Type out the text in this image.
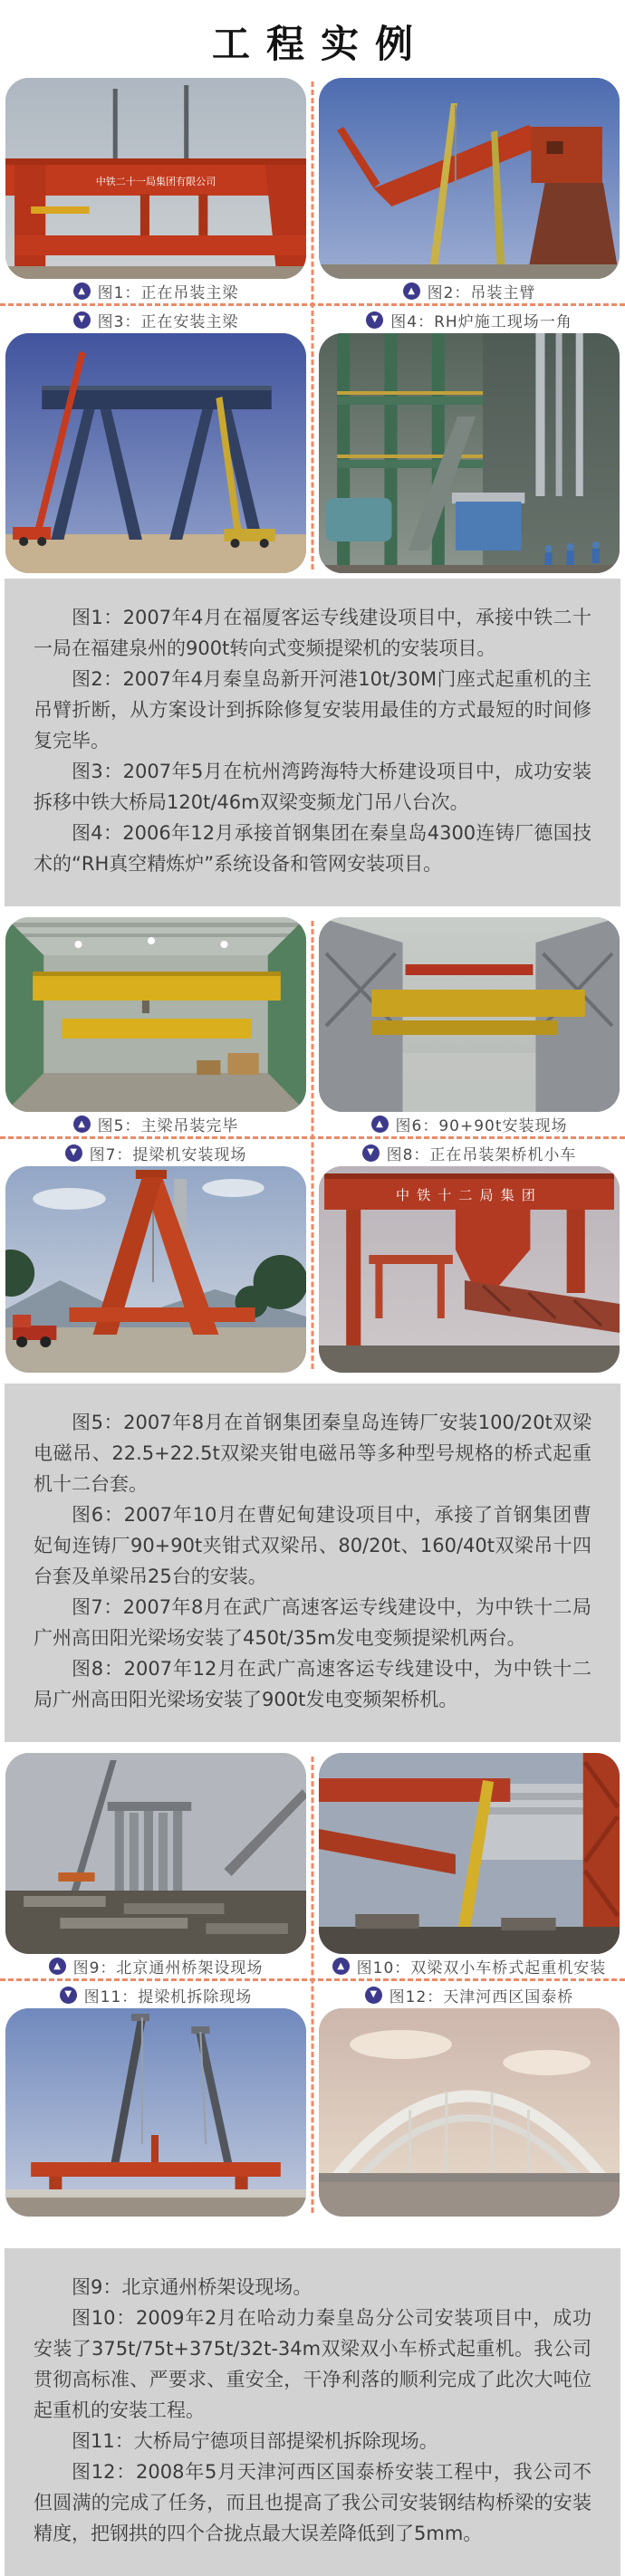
工程实例
中铁二十一局集团有限公司
▲ 图1：正在吊装主梁	▲ 图2：吊装主臂
▼ 图3：正在安装主梁	▼ 图4：RH炉施工现场一角

图1：2007年4月在福厦客运专线建设项目中，承接中铁二十一局在福建泉州的900t转向式变频提梁机的安装项目。

图2：2007年4月秦皇岛新开河港10t/30M门座式起重机的主吊臂折断，从方案设计到拆除修复安装用最佳的方式最短的时间修复完毕。

图3：2007年5月在杭州湾跨海特大桥建设项目中，成功安装拆移中铁大桥局120t/46m双梁变频龙门吊八台次。

图4：2006年12月承接首钢集团在秦皇岛4300连铸厂德国技术的“RH真空精炼炉”系统设备和管网安装项目。

▲ 图5：主梁吊装完毕	▲ 图6：90+90t安装现场
▼ 图7：提梁机安装现场	▼ 图8：正在吊装架桥机小车
中铁十二局集团

图5：2007年8月在首钢集团秦皇岛连铸厂安装100/20t双梁电磁吊、22.5+22.5t双梁夹钳电磁吊等多种型号规格的桥式起重机十二台套。

图6：2007年10月在曹妃甸建设项目中，承接了首钢集团曹妃甸连铸厂90+90t夹钳式双梁吊、80/20t、160/40t双梁吊十四台套及单梁吊25台的安装。

图7：2007年8月在武广高速客运专线建设中，为中铁十二局广州高田阳光梁场安装了450t/35m发电变频提梁机两台。

图8：2007年12月在武广高速客运专线建设中，为中铁十二局广州高田阳光梁场安装了900t发电变频架桥机。

▲ 图9：北京通州桥架设现场	▲ 图10：双梁双小车桥式起重机安装
▼ 图11：提梁机拆除现场	▼ 图12：天津河西区国泰桥

图9：北京通州桥架设现场。

图10：2009年2月在哈动力秦皇岛分公司安装项目中，成功安装了375t/75t+375t/32t-34m双梁双小车桥式起重机。我公司贯彻高标准、严要求、重安全，干净利落的顺利完成了此次大吨位起重机的安装工程。

图11：大桥局宁德项目部提梁机拆除现场。

图12：2008年5月天津河西区国泰桥安装工程中，我公司不但圆满的完成了任务，而且也提高了我公司安装钢结构桥梁的安装精度，把钢拱的四个合拢点最大误差降低到了5mm。
